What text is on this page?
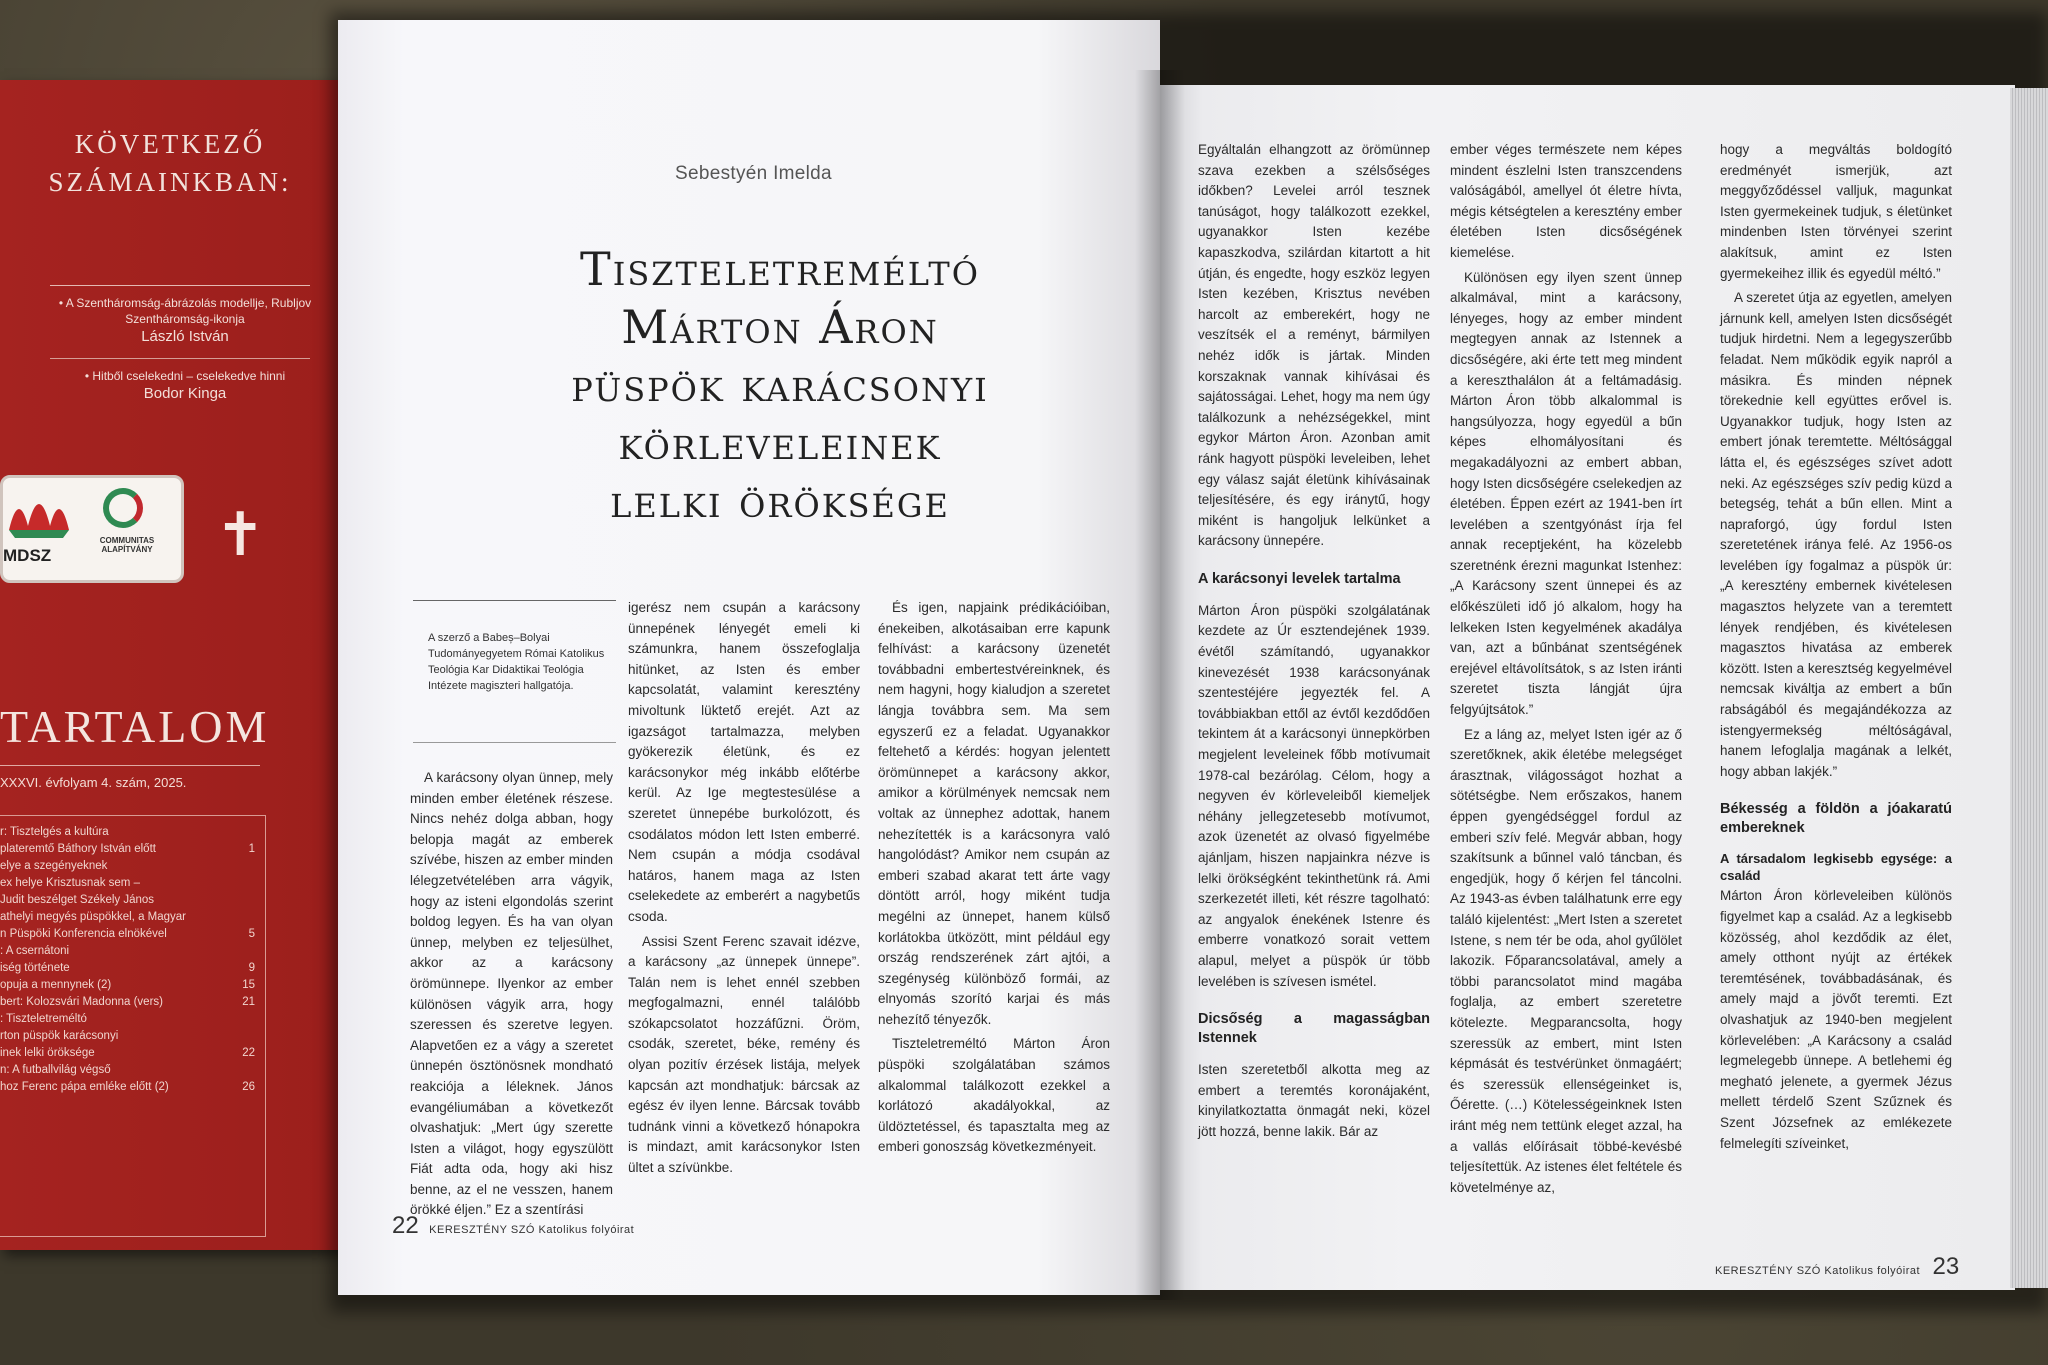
KÖVETKEZŐ SZÁMAINKBAN:
• A Szentháromság-ábrázolás modellje, Rubljov Szentháromság-ikonja
László István
• Hitből cselekedni – cselekedve hinni
Bodor Kinga
MDSZ
COMMUNITAS ALAPÍTVÁNY	✝
TARTALOM
XXXVI. évfolyam 4. szám, 2025.
r: Tisztelgés a kultúra
plateremtő Báthory István előtt	1
elye a szegényeknek
ex helye Krisztusnak sem –
Judit beszélget Székely János
athelyi megyés püspökkel, a Magyar
n Püspöki Konferencia elnökével	5
: A csernátoni
iség története	9
opuja a mennynek (2)	15
bert: Kolozsvári Madonna (vers)	21
: Tiszteletreméltó
rton püspök karácsonyi
inek lelki öröksége	22
n: A futballvilág végső
hoz Ferenc pápa emléke előtt (2)	26
Sebestyén Imelda
Tiszteletreméltó
Márton Áron
püspök karácsonyi
körleveleinek
lelki öröksége
A szerző a Babeș–Bolyai Tudományegyetem Római Katolikus Teológia Kar Didaktikai Teológia Intézete magiszteri hallgatója.

A karácsony olyan ünnep, mely minden ember életének részese. Nincs nehéz dolga abban, hogy belopja magát az emberek szívébe, hiszen az ember minden lélegzetvételében arra vágyik, hogy az isteni elgondolás szerint boldog legyen. És ha van olyan ünnep, melyben ez teljesülhet, akkor az a karácsony örömünnepe. Ilyenkor az ember különösen vágyik arra, hogy szeressen és szeretve legyen. Alapvetően ez a vágy a szeretet ünnepén ösztönösnek mondható reakciója a léleknek. János evangéliumában a következőt olvashatjuk: „Mert úgy szerette Isten a világot, hogy egyszülött Fiát adta oda, hogy aki hisz benne, az el ne vesszen, hanem örökké éljen.” Ez a szentírási

igerész nem csupán a karácsony ünnepének lényegét emeli ki számunkra, hanem összefoglalja hitünket, az Isten és ember kapcsolatát, valamint keresztény mivoltunk lüktető erejét. Azt az igazságot tartalmazza, melyben gyökerezik életünk, és ez karácsonykor még inkább előtérbe kerül. Az Ige megtestesülése a szeretet ünnepébe burkolózott, és csodálatos módon lett Isten emberré. Nem csupán a módja csodával határos, hanem maga az Isten cselekedete az emberért a nagybetűs csoda.

Assisi Szent Ferenc szavait idézve, a karácsony „az ünnepek ünnepe”. Talán nem is lehet ennél szebben megfogalmazni, ennél találóbb szókapcsolatot hozzáfűzni. Öröm, csodák, szeretet, béke, remény és olyan pozitív érzések listája, melyek kapcsán azt mondhatjuk: bárcsak az egész év ilyen lenne. Bárcsak tovább tudnánk vinni a következő hónapokra is mindazt, amit karácsonykor Isten ültet a szívünkbe.

És igen, napjaink prédikációiban, énekeiben, alkotásaiban erre kapunk felhívást: a karácsony üzenetét továbbadni embertestvéreinknek, és nem hagyni, hogy kialudjon a szeretet lángja továbbra sem. Ma sem egyszerű ez a feladat. Ugyanakkor feltehető a kérdés: hogyan jelentett örömünnepet a karácsony akkor, amikor a körülmények nemcsak nem voltak az ünnephez adottak, hanem nehezítették is a karácsonyra való hangolódást? Amikor nem csupán az emberi szabad akarat tett árte vagy döntött arról, hogy miként tudja megélni az ünnepet, hanem külső korlátokba ütközött, mint például egy ország rendszerének zárt ajtói, a szegénység különböző formái, az elnyomás szorító karjai és más nehezítő tényezők.

Tiszteletreméltó Márton Áron püspöki szolgálatában számos alkalommal találkozott ezekkel a korlátozó akadályokkal, az üldöztetéssel, és tapasztalta meg az emberi gonoszság következményeit.

Egyáltalán elhangzott az örömünnep szava ezekben a szélsőséges időkben? Levelei arról tesznek tanúságot, hogy találkozott ezekkel, ugyanakkor Isten kezébe kapaszkodva, szilárdan kitartott a hit útján, és engedte, hogy eszköz legyen Isten kezében, Krisztus nevében harcolt az emberekért, hogy ne veszítsék el a reményt, bármilyen nehéz idők is jártak. Minden korszaknak vannak kihívásai és sajátosságai. Lehet, hogy ma nem úgy találkozunk a nehézségekkel, mint egykor Márton Áron. Azonban amit ránk hagyott püspöki leveleiben, lehet egy válasz saját életünk kihívásainak teljesítésére, és egy iránytű, hogy miként is hangoljuk lelkünket a karácsony ünnepére.

A karácsonyi levelek tartalma

Márton Áron püspöki szolgálatának kezdete az Úr esztendejének 1939. évétől számítandó, ugyanakkor kinevezését 1938 karácsonyának szentestéjére jegyezték fel. A továbbiakban ettől az évtől kezdődően tekintem át a karácsonyi ünnepkörben megjelent leveleinek főbb motívumait 1978-cal bezárólag. Célom, hogy a negyven év körleveleiből kiemeljek néhány jellegzetesebb motívumot, azok üzenetét az olvasó figyelmébe ajánljam, hiszen napjainkra nézve is lelki örökségként tekinthetünk rá. Ami szerkezetét illeti, két részre tagolható: az angyalok énekének Istenre és emberre vonatkozó sorait vettem alapul, melyet a püspök úr több levelében is szívesen ismétel.

Dicsőség a magasságban Istennek

Isten szeretetből alkotta meg az embert a teremtés koronájaként, kinyilatkoztatta önmagát neki, közel jött hozzá, benne lakik. Bár az

ember véges természete nem képes mindent észlelni Isten transzcendens valóságából, amellyel ót életre hívta, mégis kétségtelen a keresztény ember életében Isten dicsőségének kiemelése.

Különösen egy ilyen szent ünnep alkalmával, mint a karácsony, lényeges, hogy az ember mindent megtegyen annak az Istennek a dicsőségére, aki érte tett meg mindent a kereszthalálon át a feltámadásig. Márton Áron több alkalommal is hangsúlyozza, hogy egyedül a bűn képes elhomályosítani és megakadályozni az embert abban, hogy Isten dicsőségére cselekedjen az életében. Éppen ezért az 1941-ben írt levelében a szentgyónást írja fel annak receptjeként, ha közelebb szeretnénk érezni magunkat Istenhez: „A Karácsony szent ünnepei és az előkészületi idő jó alkalom, hogy ha lelkeken Isten kegyelmének akadálya van, azt a bűnbánat szentségének erejével eltávolítsátok, s az Isten iránti szeretet tiszta lángját újra felgyújtsátok.”

Ez a láng az, melyet Isten igér az ő szeretőknek, akik életébe melegséget árasztnak, világosságot hozhat a sötétségbe. Nem erőszakos, hanem éppen gyengédséggel fordul az emberi szív felé. Megvár abban, hogy szakítsunk a bűnnel való táncban, és engedjük, hogy ő kérjen fel táncolni. Az 1943-as évben találhatunk erre egy találó kijelentést: „Mert Isten a szeretet Istene, s nem tér be oda, ahol gyűlölet lakozik. Főparancsolatával, amely a többi parancsolatot mind magába foglalja, az embert szeretetre kötelezte. Megparancsolta, hogy szeressük az embert, mint Isten képmását és testvérünket önmagáért; és szeressük ellenségeinket is, Őérette. (…) Kötelességeinknek Isten iránt még nem tettünk eleget azzal, ha a vallás előírásait többé-kevésbé teljesítettük. Az istenes élet feltétele és követelménye az,

hogy a megváltás boldogító eredményét ismerjük, azt meggyőződéssel valljuk, magunkat Isten gyermekeinek tudjuk, s életünket mindenben Isten törvényei szerint alakítsuk, amint ez Isten gyermekeihez illik és egyedül méltó.”

A szeretet útja az egyetlen, amelyen járnunk kell, amelyen Isten dicsőségét tudjuk hirdetni. Nem a legegyszerűbb feladat. Nem működik egyik napról a másikra. És minden népnek törekednie kell együttes erővel is. Ugyanakkor tudjuk, hogy Isten az embert jónak teremtette. Méltósággal látta el, és egészséges szívet adott neki. Az egészséges szív pedig küzd a betegség, tehát a bűn ellen. Mint a napraforgó, úgy fordul Isten szeretetének iránya felé. Az 1956-os levelében így fogalmaz a püspök úr: „A keresztény embernek kivételesen magasztos helyzete van a teremtett lények rendjében, és kivételesen magasztos hivatása az emberek között. Isten a keresztség kegyelmével nemcsak kiváltja az embert a bűn rabságából és megajándékozza az istengyermekség méltóságával, hanem lefoglalja magának a lelkét, hogy abban lakjék.”

Békesség a földön a jóakaratú embereknek
A társadalom legkisebb egysége: a család

Márton Áron körleveleiben különös figyelmet kap a család. Az a legkisebb közösség, ahol kezdődik az élet, amely otthont nyújt az értékek teremtésének, továbbadásának, és amely majd a jövőt teremti. Ezt olvashatjuk az 1940-ben megjelent körlevelében: „A Karácsony a család legmelegebb ünnepe. A betlehemi ég megható jelenete, a gyermek Jézus mellett térdelő Szent Szűznek és Szent Józsefnek az emlékezete felmelegíti szíveinket,

22 KERESZTÉNY SZÓ Katolikus folyóirat
KERESZTÉNY SZÓ Katolikus folyóirat 23
